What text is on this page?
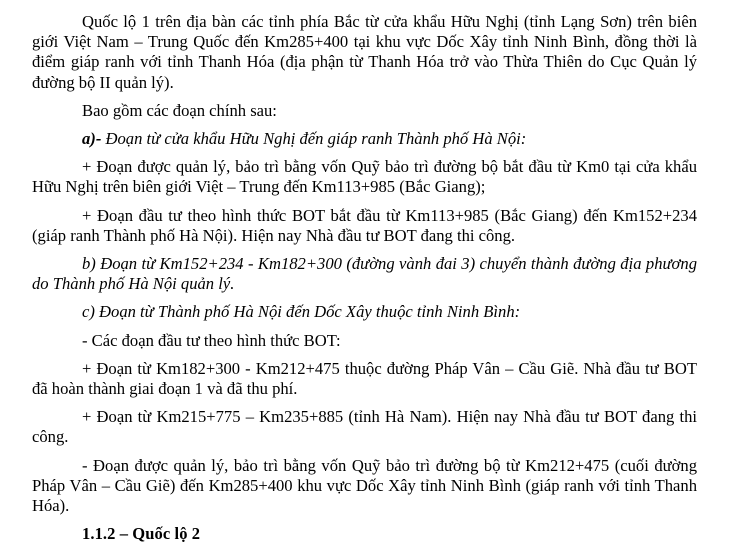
Quốc lộ 1 trên địa bàn các tỉnh phía Bắc từ cửa khẩu Hữu Nghị (tỉnh Lạng Sơn) trên biên giới Việt Nam – Trung Quốc đến Km285+400 tại khu vực Dốc Xây tỉnh Ninh Bình, đồng thời là điểm giáp ranh với tỉnh Thanh Hóa (địa phận từ Thanh Hóa trở vào Thừa Thiên do Cục Quản lý đường bộ II quản lý).

Bao gồm các đoạn chính sau:

a)- Đoạn từ cửa khẩu Hữu Nghị đến giáp ranh Thành phố Hà Nội:

+ Đoạn được quản lý, bảo trì bằng vốn Quỹ bảo trì đường bộ bắt đầu từ Km0 tại cửa khẩu Hữu Nghị trên biên giới Việt – Trung đến Km113+985 (Bắc Giang);

+ Đoạn đầu tư theo hình thức BOT bắt đầu từ Km113+985 (Bắc Giang) đến Km152+234 (giáp ranh Thành phố Hà Nội). Hiện nay Nhà đầu tư BOT đang thi công.

b) Đoạn từ Km152+234 - Km182+300 (đường vành đai 3) chuyển thành đường địa phương do Thành phố Hà Nội quản lý.

c) Đoạn từ Thành phố Hà Nội đến Dốc Xây thuộc tỉnh Ninh Bình:

- Các đoạn đầu tư theo hình thức BOT:

+ Đoạn từ Km182+300 - Km212+475 thuộc đường Pháp Vân – Cầu Giẽ. Nhà đầu tư BOT đã hoàn thành giai đoạn 1 và đã thu phí.

+ Đoạn từ Km215+775 – Km235+885 (tỉnh Hà Nam). Hiện nay Nhà đầu tư BOT đang thi công.

- Đoạn được quản lý, bảo trì bằng vốn Quỹ bảo trì đường bộ từ Km212+475 (cuối đường Pháp Vân – Cầu Giẽ) đến Km285+400 khu vực Dốc Xây tỉnh Ninh Bình (giáp ranh với tỉnh Thanh Hóa).

1.1.2 – Quốc lộ 2
